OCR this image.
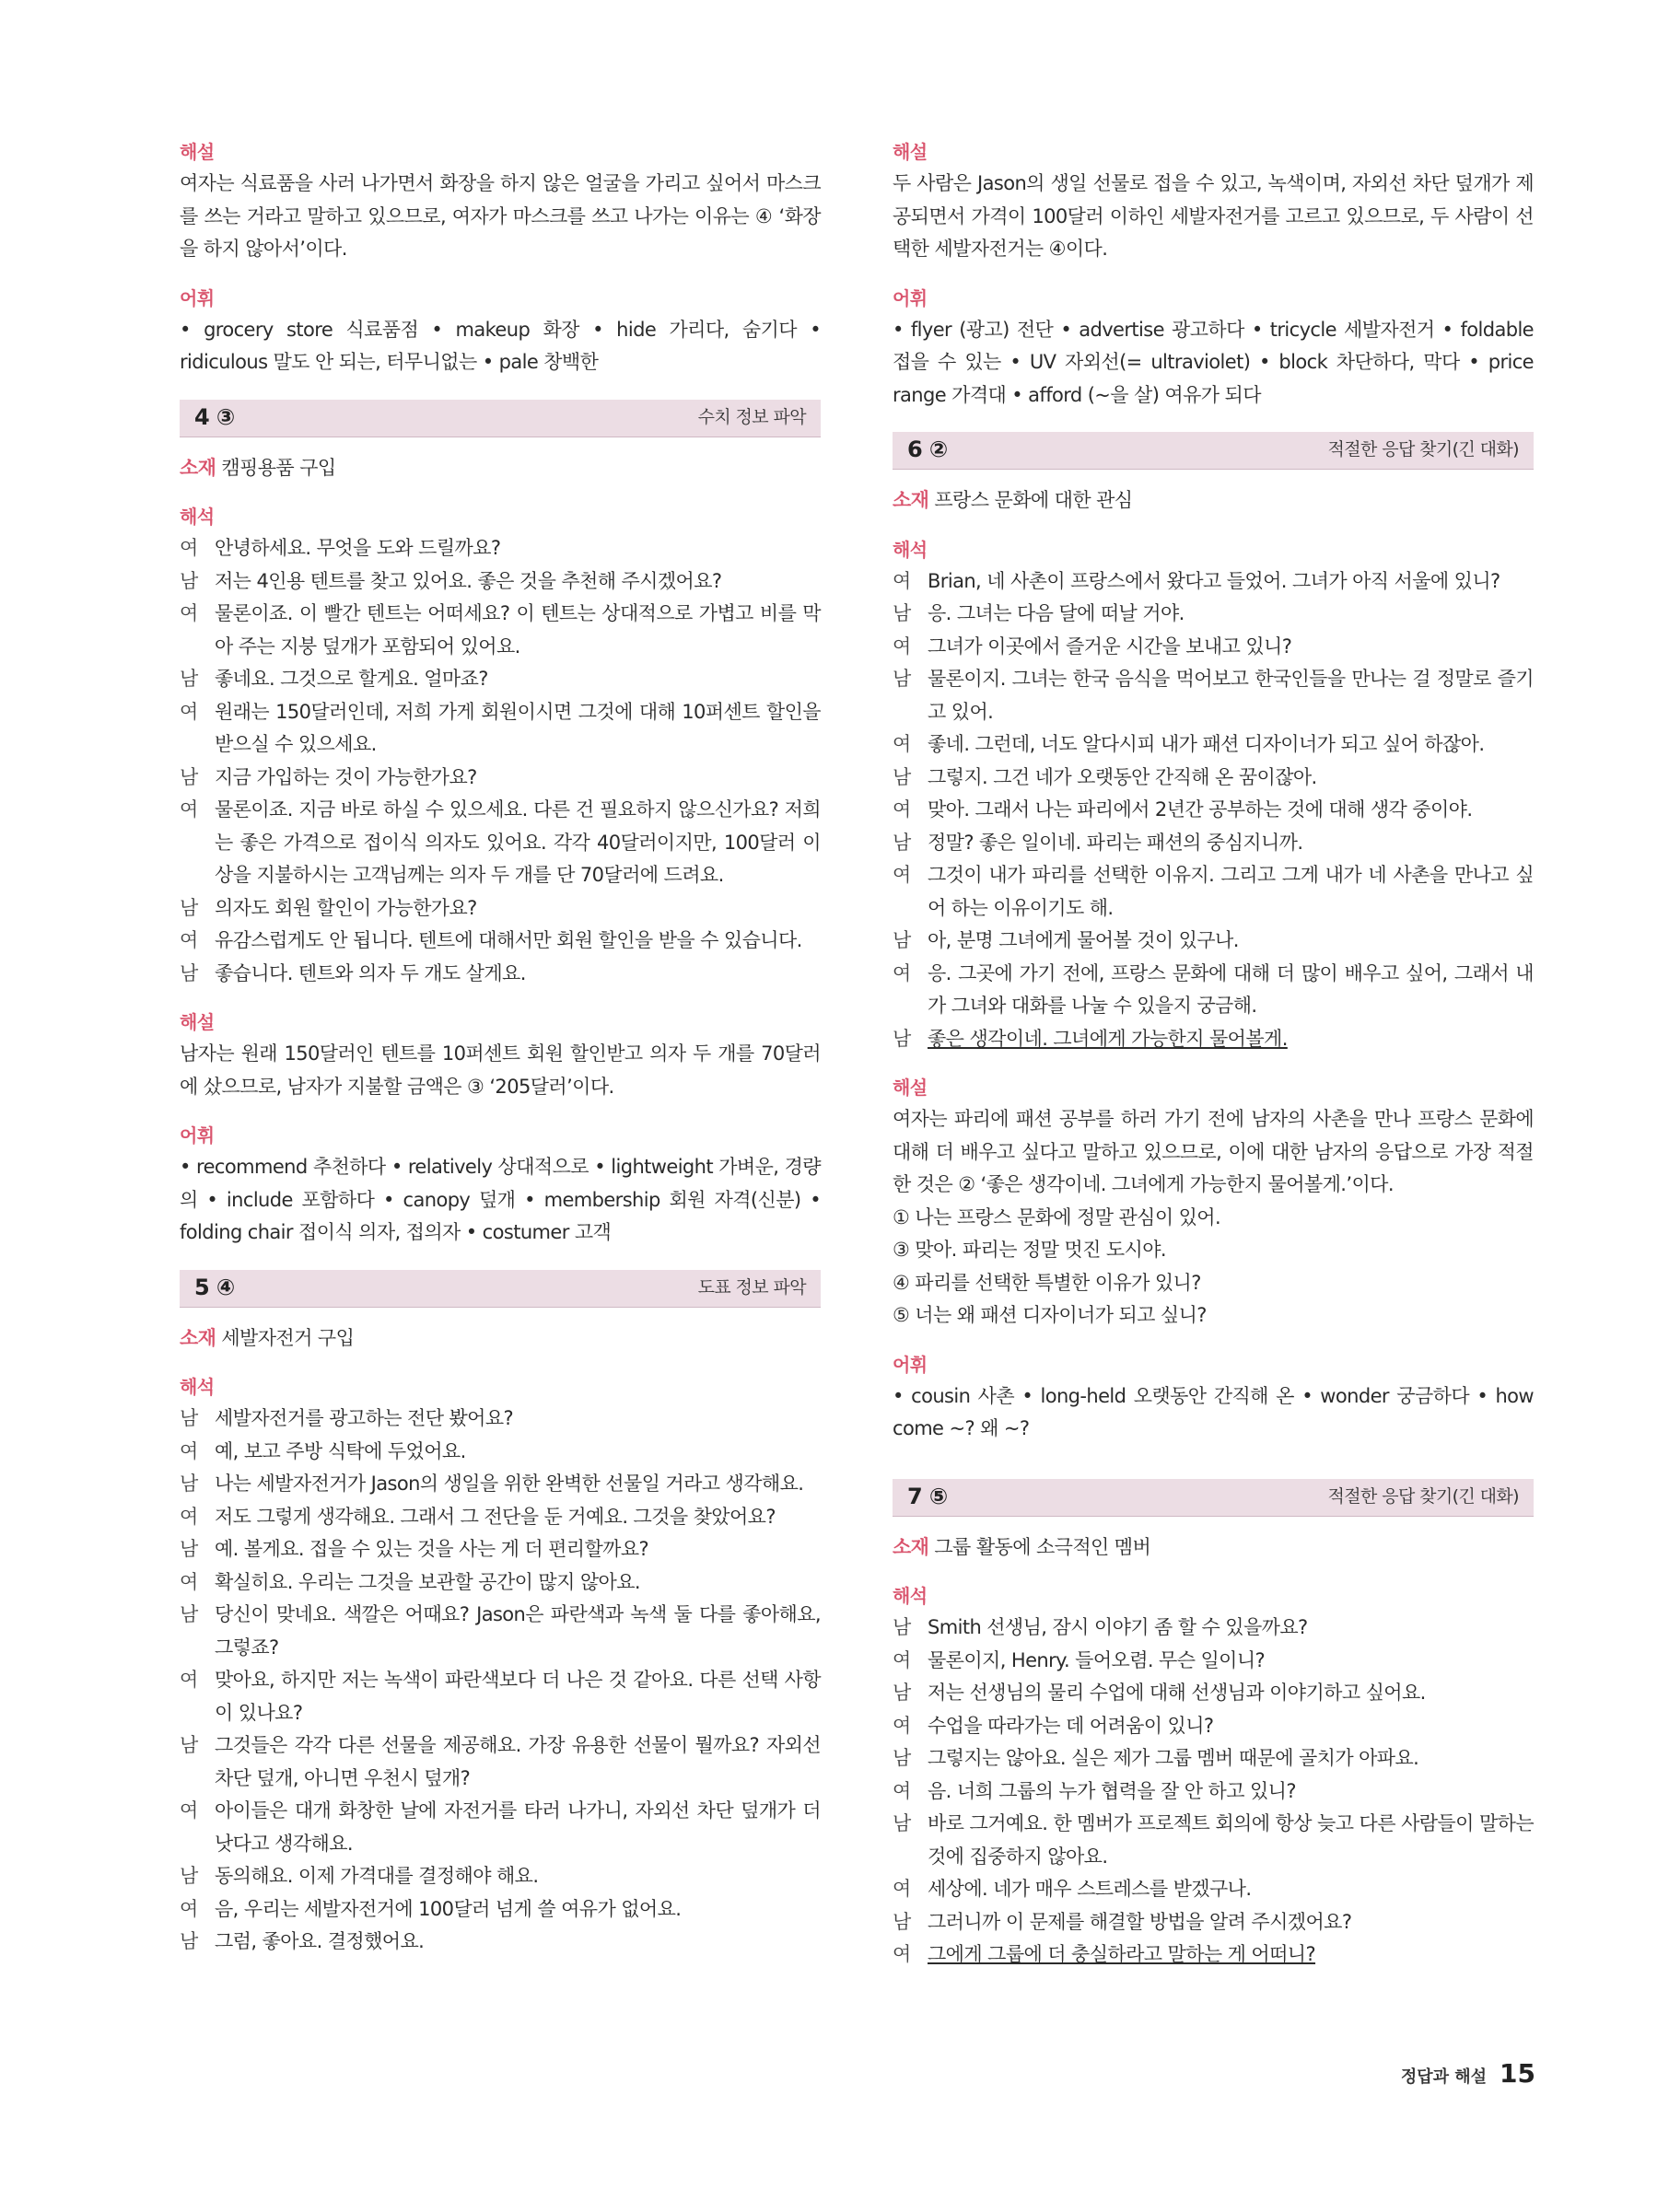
해설
여자는 식료품을 사러 나가면서 화장을 하지 않은 얼굴을 가리고 싶어서 마스크를 쓰는 거라고 말하고 있으므로, 여자가 마스크를 쓰고 나가는 이유는 ④ ‘화장을 하지 않아서’이다.
어휘
• grocery store 식료품점 • makeup 화장 • hide 가리다, 숨기다 • ridiculous 말도 안 되는, 터무니없는 • pale 창백한
4 ③	수치 정보 파악
소재 캠핑용품 구입
해석
여 안녕하세요. 무엇을 도와 드릴까요?
남 저는 4인용 텐트를 찾고 있어요. 좋은 것을 추천해 주시겠어요?
여 물론이죠. 이 빨간 텐트는 어떠세요? 이 텐트는 상대적으로 가볍고 비를 막아 주는 지붕 덮개가 포함되어 있어요.
남 좋네요. 그것으로 할게요. 얼마죠?
여 원래는 150달러인데, 저희 가게 회원이시면 그것에 대해 10퍼센트 할인을 받으실 수 있으세요.
남 지금 가입하는 것이 가능한가요?
여 물론이죠. 지금 바로 하실 수 있으세요. 다른 건 필요하지 않으신가요? 저희는 좋은 가격으로 접이식 의자도 있어요. 각각 40달러이지만, 100달러 이상을 지불하시는 고객님께는 의자 두 개를 단 70달러에 드려요.
남 의자도 회원 할인이 가능한가요?
여 유감스럽게도 안 됩니다. 텐트에 대해서만 회원 할인을 받을 수 있습니다.
남 좋습니다. 텐트와 의자 두 개도 살게요.
해설
남자는 원래 150달러인 텐트를 10퍼센트 회원 할인받고 의자 두 개를 70달러에 샀으므로, 남자가 지불할 금액은 ③ ‘205달러’이다.
어휘
• recommend 추천하다 • relatively 상대적으로 • lightweight 가벼운, 경량의 • include 포함하다 • canopy 덮개 • membership 회원 자격(신분) • folding chair 접이식 의자, 접의자 • costumer 고객
5 ④	도표 정보 파악
소재 세발자전거 구입
해석
남 세발자전거를 광고하는 전단 봤어요?
여 예, 보고 주방 식탁에 두었어요.
남 나는 세발자전거가 Jason의 생일을 위한 완벽한 선물일 거라고 생각해요.
여 저도 그렇게 생각해요. 그래서 그 전단을 둔 거예요. 그것을 찾았어요?
남 예. 볼게요. 접을 수 있는 것을 사는 게 더 편리할까요?
여 확실히요. 우리는 그것을 보관할 공간이 많지 않아요.
남 당신이 맞네요. 색깔은 어때요? Jason은 파란색과 녹색 둘 다를 좋아해요, 그렇죠?
여 맞아요, 하지만 저는 녹색이 파란색보다 더 나은 것 같아요. 다른 선택 사항이 있나요?
남 그것들은 각각 다른 선물을 제공해요. 가장 유용한 선물이 뭘까요? 자외선 차단 덮개, 아니면 우천시 덮개?
여 아이들은 대개 화창한 날에 자전거를 타러 나가니, 자외선 차단 덮개가 더 낫다고 생각해요.
남 동의해요. 이제 가격대를 결정해야 해요.
여 음, 우리는 세발자전거에 100달러 넘게 쓸 여유가 없어요.
남 그럼, 좋아요. 결정했어요.
해설
두 사람은 Jason의 생일 선물로 접을 수 있고, 녹색이며, 자외선 차단 덮개가 제공되면서 가격이 100달러 이하인 세발자전거를 고르고 있으므로, 두 사람이 선택한 세발자전거는 ④이다.
어휘
• flyer (광고) 전단 • advertise 광고하다 • tricycle 세발자전거 • foldable 접을 수 있는 • UV 자외선(= ultraviolet) • block 차단하다, 막다 • price range 가격대 • afford (~을 살) 여유가 되다
6 ②	적절한 응답 찾기(긴 대화)
소재 프랑스 문화에 대한 관심
해석
여 Brian, 네 사촌이 프랑스에서 왔다고 들었어. 그녀가 아직 서울에 있니?
남 응. 그녀는 다음 달에 떠날 거야.
여 그녀가 이곳에서 즐거운 시간을 보내고 있니?
남 물론이지. 그녀는 한국 음식을 먹어보고 한국인들을 만나는 걸 정말로 즐기고 있어.
여 좋네. 그런데, 너도 알다시피 내가 패션 디자이너가 되고 싶어 하잖아.
남 그렇지. 그건 네가 오랫동안 간직해 온 꿈이잖아.
여 맞아. 그래서 나는 파리에서 2년간 공부하는 것에 대해 생각 중이야.
남 정말? 좋은 일이네. 파리는 패션의 중심지니까.
여 그것이 내가 파리를 선택한 이유지. 그리고 그게 내가 네 사촌을 만나고 싶어 하는 이유이기도 해.
남 아, 분명 그녀에게 물어볼 것이 있구나.
여 응. 그곳에 가기 전에, 프랑스 문화에 대해 더 많이 배우고 싶어, 그래서 내가 그녀와 대화를 나눌 수 있을지 궁금해.
남 좋은 생각이네. 그녀에게 가능한지 물어볼게.
해설
여자는 파리에 패션 공부를 하러 가기 전에 남자의 사촌을 만나 프랑스 문화에 대해 더 배우고 싶다고 말하고 있으므로, 이에 대한 남자의 응답으로 가장 적절한 것은 ② ‘좋은 생각이네. 그녀에게 가능한지 물어볼게.’이다.
① 나는 프랑스 문화에 정말 관심이 있어.
③ 맞아. 파리는 정말 멋진 도시야.
④ 파리를 선택한 특별한 이유가 있니?
⑤ 너는 왜 패션 디자이너가 되고 싶니?
어휘
• cousin 사촌 • long-held 오랫동안 간직해 온 • wonder 궁금하다 • how come ~? 왜 ~?
7 ⑤	적절한 응답 찾기(긴 대화)
소재 그룹 활동에 소극적인 멤버
해석
남 Smith 선생님, 잠시 이야기 좀 할 수 있을까요?
여 물론이지, Henry. 들어오렴. 무슨 일이니?
남 저는 선생님의 물리 수업에 대해 선생님과 이야기하고 싶어요.
여 수업을 따라가는 데 어려움이 있니?
남 그렇지는 않아요. 실은 제가 그룹 멤버 때문에 골치가 아파요.
여 음. 너희 그룹의 누가 협력을 잘 안 하고 있니?
남 바로 그거예요. 한 멤버가 프로젝트 회의에 항상 늦고 다른 사람들이 말하는 것에 집중하지 않아요.
여 세상에. 네가 매우 스트레스를 받겠구나.
남 그러니까 이 문제를 해결할 방법을 알려 주시겠어요?
여 그에게 그룹에 더 충실하라고 말하는 게 어떠니?
정답과 해설 15
